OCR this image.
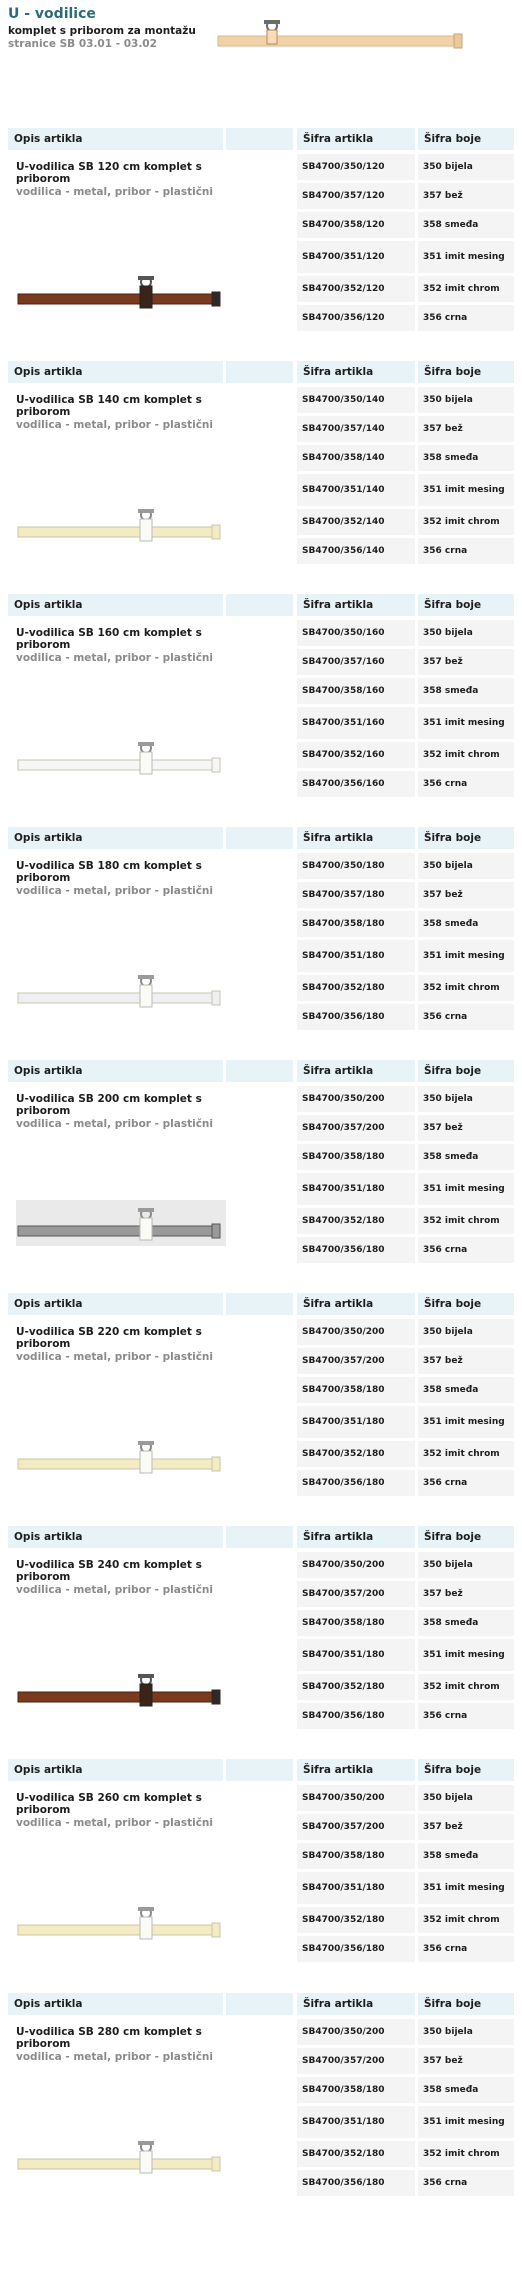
U - vodilice
komplet s priborom za montažu
stranice SB 03.01 - 03.02
Opis artikla	Šifra artikla	Šifra boje
U-vodilica SB 120 cm komplet s priborom
vodilica - metal, pribor - plastični
SB4700/350/120	350 bijela
SB4700/357/120	357 bež
SB4700/358/120	358 smeđa
SB4700/351/120	351 imit mesing
SB4700/352/120	352 imit chrom
SB4700/356/120	356 crna
Opis artikla	Šifra artikla	Šifra boje
U-vodilica SB 140 cm komplet s priborom
vodilica - metal, pribor - plastični
SB4700/350/140	350 bijela
SB4700/357/140	357 bež
SB4700/358/140	358 smeđa
SB4700/351/140	351 imit mesing
SB4700/352/140	352 imit chrom
SB4700/356/140	356 crna
Opis artikla	Šifra artikla	Šifra boje
U-vodilica SB 160 cm komplet s priborom
vodilica - metal, pribor - plastični
SB4700/350/160	350 bijela
SB4700/357/160	357 bež
SB4700/358/160	358 smeđa
SB4700/351/160	351 imit mesing
SB4700/352/160	352 imit chrom
SB4700/356/160	356 crna
Opis artikla	Šifra artikla	Šifra boje
U-vodilica SB 180 cm komplet s priborom
vodilica - metal, pribor - plastični
SB4700/350/180	350 bijela
SB4700/357/180	357 bež
SB4700/358/180	358 smeđa
SB4700/351/180	351 imit mesing
SB4700/352/180	352 imit chrom
SB4700/356/180	356 crna
Opis artikla	Šifra artikla	Šifra boje
U-vodilica SB 200 cm komplet s priborom
vodilica - metal, pribor - plastični
SB4700/350/200	350 bijela
SB4700/357/200	357 bež
SB4700/358/180	358 smeđa
SB4700/351/180	351 imit mesing
SB4700/352/180	352 imit chrom
SB4700/356/180	356 crna
Opis artikla	Šifra artikla	Šifra boje
U-vodilica SB 220 cm komplet s priborom
vodilica - metal, pribor - plastični
SB4700/350/200	350 bijela
SB4700/357/200	357 bež
SB4700/358/180	358 smeđa
SB4700/351/180	351 imit mesing
SB4700/352/180	352 imit chrom
SB4700/356/180	356 crna
Opis artikla	Šifra artikla	Šifra boje
U-vodilica SB 240 cm komplet s priborom
vodilica - metal, pribor - plastični
SB4700/350/200	350 bijela
SB4700/357/200	357 bež
SB4700/358/180	358 smeđa
SB4700/351/180	351 imit mesing
SB4700/352/180	352 imit chrom
SB4700/356/180	356 crna
Opis artikla	Šifra artikla	Šifra boje
U-vodilica SB 260 cm komplet s priborom
vodilica - metal, pribor - plastični
SB4700/350/200	350 bijela
SB4700/357/200	357 bež
SB4700/358/180	358 smeđa
SB4700/351/180	351 imit mesing
SB4700/352/180	352 imit chrom
SB4700/356/180	356 crna
Opis artikla	Šifra artikla	Šifra boje
U-vodilica SB 280 cm komplet s priborom
vodilica - metal, pribor - plastični
SB4700/350/200	350 bijela
SB4700/357/200	357 bež
SB4700/358/180	358 smeđa
SB4700/351/180	351 imit mesing
SB4700/352/180	352 imit chrom
SB4700/356/180	356 crna
